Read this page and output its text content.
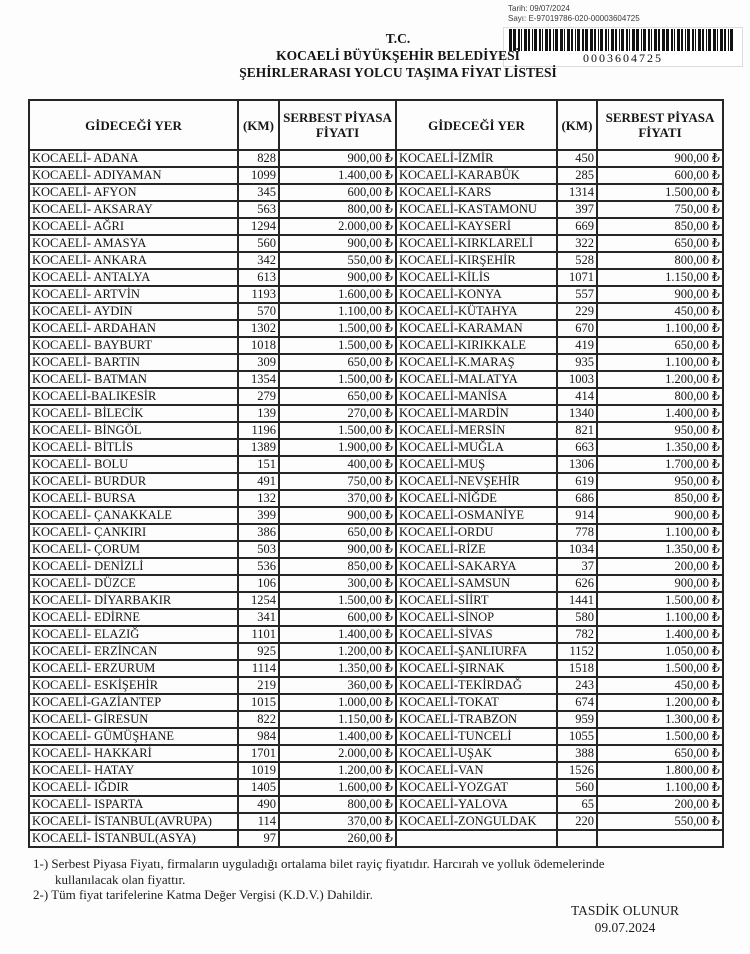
Tarih: 09/07/2024
Sayı: E-97019786-020-00003604725
0003604725
T.C.
KOCAELİ BÜYÜKŞEHİR BELEDİYESİ
ŞEHİRLERARASI YOLCU TAŞIMA FİYAT LİSTESİ
GİDECEĞİ YER	(KM)	SERBEST PİYASA FİYATI	GİDECEĞİ YER	(KM)	SERBEST PİYASA FİYATI
KOCAELİ- ADANA	828	900,00 ₺	KOCAELİ-İZMİR	450	900,00 ₺
KOCAELİ- ADIYAMAN	1099	1.400,00 ₺	KOCAELİ-KARABÜK	285	600,00 ₺
KOCAELİ- AFYON	345	600,00 ₺	KOCAELİ-KARS	1314	1.500,00 ₺
KOCAELİ- AKSARAY	563	800,00 ₺	KOCAELİ-KASTAMONU	397	750,00 ₺
KOCAELİ- AĞRI	1294	2.000,00 ₺	KOCAELİ-KAYSERİ	669	850,00 ₺
KOCAELİ- AMASYA	560	900,00 ₺	KOCAELİ-KIRKLARELİ	322	650,00 ₺
KOCAELİ- ANKARA	342	550,00 ₺	KOCAELİ-KIRŞEHİR	528	800,00 ₺
KOCAELİ- ANTALYA	613	900,00 ₺	KOCAELİ-KİLİS	1071	1.150,00 ₺
KOCAELİ- ARTVİN	1193	1.600,00 ₺	KOCAELİ-KONYA	557	900,00 ₺
KOCAELİ- AYDIN	570	1.100,00 ₺	KOCAELİ-KÜTAHYA	229	450,00 ₺
KOCAELİ- ARDAHAN	1302	1.500,00 ₺	KOCAELİ-KARAMAN	670	1.100,00 ₺
KOCAELİ- BAYBURT	1018	1.500,00 ₺	KOCAELİ-KIRIKKALE	419	650,00 ₺
KOCAELİ- BARTIN	309	650,00 ₺	KOCAELİ-K.MARAŞ	935	1.100,00 ₺
KOCAELİ- BATMAN	1354	1.500,00 ₺	KOCAELİ-MALATYA	1003	1.200,00 ₺
KOCAELİ-BALIKESİR	279	650,00 ₺	KOCAELİ-MANİSA	414	800,00 ₺
KOCAELİ- BİLECİK	139	270,00 ₺	KOCAELİ-MARDİN	1340	1.400,00 ₺
KOCAELİ- BİNGÖL	1196	1.500,00 ₺	KOCAELİ-MERSİN	821	950,00 ₺
KOCAELİ- BİTLİS	1389	1.900,00 ₺	KOCAELİ-MUĞLA	663	1.350,00 ₺
KOCAELİ- BOLU	151	400,00 ₺	KOCAELİ-MUŞ	1306	1.700,00 ₺
KOCAELİ- BURDUR	491	750,00 ₺	KOCAELİ-NEVŞEHİR	619	950,00 ₺
KOCAELİ- BURSA	132	370,00 ₺	KOCAELİ-NİĞDE	686	850,00 ₺
KOCAELİ- ÇANAKKALE	399	900,00 ₺	KOCAELİ-OSMANİYE	914	900,00 ₺
KOCAELİ- ÇANKIRI	386	650,00 ₺	KOCAELİ-ORDU	778	1.100,00 ₺
KOCAELİ- ÇORUM	503	900,00 ₺	KOCAELİ-RİZE	1034	1.350,00 ₺
KOCAELİ- DENİZLİ	536	850,00 ₺	KOCAELİ-SAKARYA	37	200,00 ₺
KOCAELİ- DÜZCE	106	300,00 ₺	KOCAELİ-SAMSUN	626	900,00 ₺
KOCAELİ- DİYARBAKIR	1254	1.500,00 ₺	KOCAELİ-SİİRT	1441	1.500,00 ₺
KOCAELİ- EDİRNE	341	600,00 ₺	KOCAELİ-SİNOP	580	1.100,00 ₺
KOCAELİ- ELAZIĞ	1101	1.400,00 ₺	KOCAELİ-SİVAS	782	1.400,00 ₺
KOCAELİ- ERZİNCAN	925	1.200,00 ₺	KOCAELİ-ŞANLIURFA	1152	1.050,00 ₺
KOCAELİ- ERZURUM	1114	1.350,00 ₺	KOCAELİ-ŞIRNAK	1518	1.500,00 ₺
KOCAELİ- ESKİŞEHİR	219	360,00 ₺	KOCAELİ-TEKİRDAĞ	243	450,00 ₺
KOCAELİ-GAZİANTEP	1015	1.000,00 ₺	KOCAELİ-TOKAT	674	1.200,00 ₺
KOCAELİ- GİRESUN	822	1.150,00 ₺	KOCAELİ-TRABZON	959	1.300,00 ₺
KOCAELİ- GÜMÜŞHANE	984	1.400,00 ₺	KOCAELİ-TUNCELİ	1055	1.500,00 ₺
KOCAELİ- HAKKARİ	1701	2.000,00 ₺	KOCAELİ-UŞAK	388	650,00 ₺
KOCAELİ- HATAY	1019	1.200,00 ₺	KOCAELİ-VAN	1526	1.800,00 ₺
KOCAELİ- IĞDIR	1405	1.600,00 ₺	KOCAELİ-YOZGAT	560	1.100,00 ₺
KOCAELİ- ISPARTA	490	800,00 ₺	KOCAELİ-YALOVA	65	200,00 ₺
KOCAELİ- İSTANBUL(AVRUPA)	114	370,00 ₺	KOCAELİ-ZONGULDAK	220	550,00 ₺
KOCAELİ- İSTANBUL(ASYA)	97	260,00 ₺			
1-) Serbest Piyasa Fiyatı, firmaların uyguladığı ortalama bilet rayiç fiyatıdır. Harcırah ve yolluk ödemelerinde
kullanılacak olan fiyattır.
2-) Tüm fiyat tarifelerine Katma Değer Vergisi (K.D.V.) Dahildir.
TASDİK OLUNUR
09.07.2024
